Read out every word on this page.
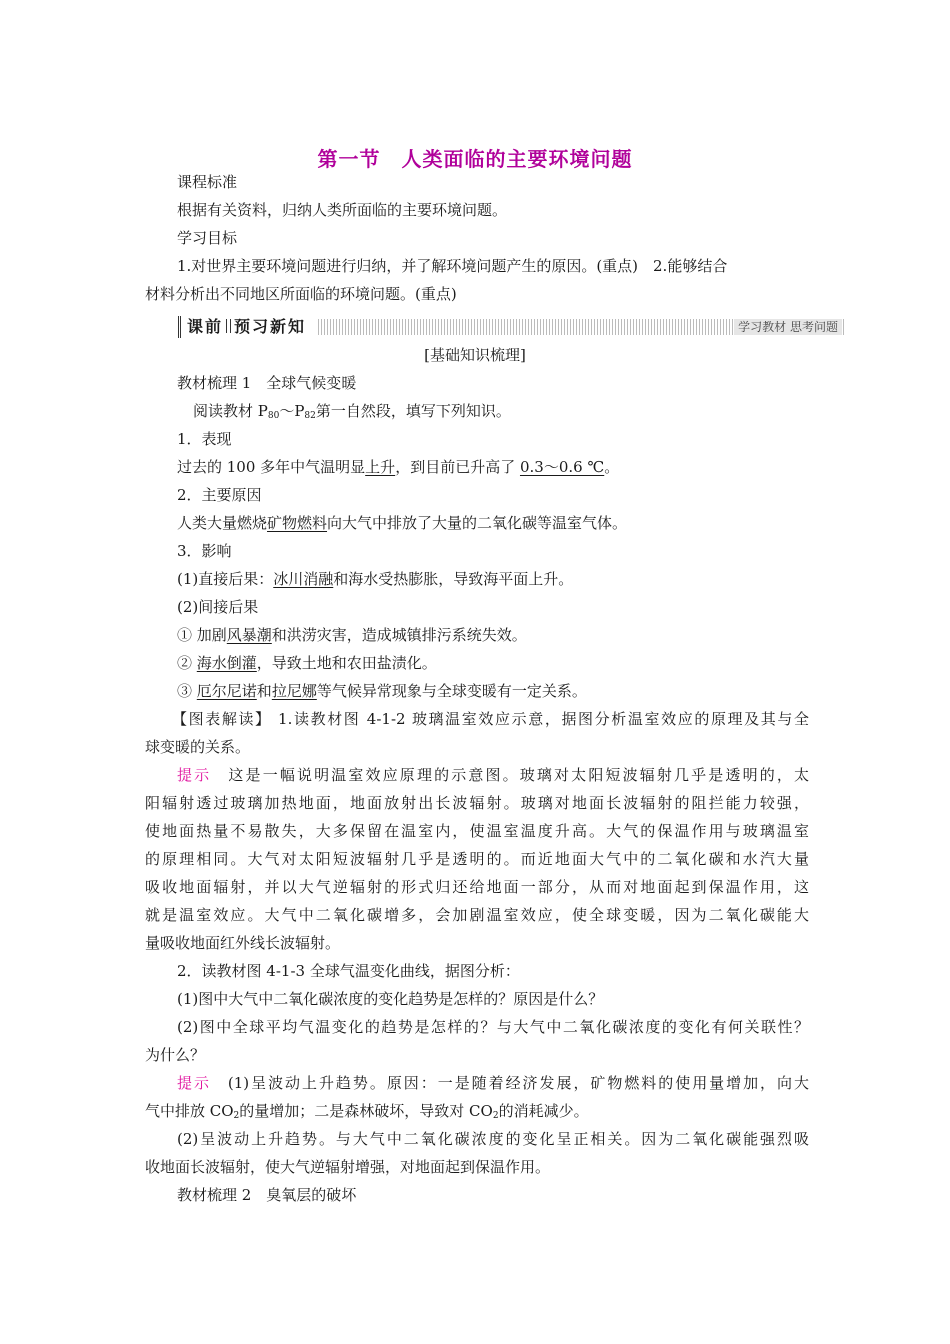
第一节　人类面临的主要环境问题
课程标准
根据有关资料，归纳人类所面临的主要环境问题。
学习目标
1.对世界主要环境问题进行归纳，并了解环境问题产生的原因。(重点)　2.能够结合
材料分析出不同地区所面临的环境问题。(重点)
课前 预习新知	学习教材 思考问题
[基础知识梳理]
教材梳理 1　全球气候变暖
阅读教材 $P_{80}\sim P_{82}$第一自然段，填写下列知识。
1．表现
过去的 100 多年中气温明显上升，到目前已升高了 0.3～0.6 ℃。
2．主要原因
人类大量燃烧矿物燃料向大气中排放了大量的二氧化碳等温室气体。
3．影响
(1)直接后果：冰川消融和海水受热膨胀，导致海平面上升。
(2)间接后果
① 加剧风暴潮和洪涝灾害，造成城镇排污系统失效。
② 海水倒灌，导致土地和农田盐渍化。
③ 厄尔尼诺和拉尼娜等气候异常现象与全球变暖有一定关系。
【图表解读】 1.读教材图 4-1-2 玻璃温室效应示意，据图分析温室效应的原理及其与全
球变暖的关系。
提示　这是一幅说明温室效应原理的示意图。玻璃对太阳短波辐射几乎是透明的，太
阳辐射透过玻璃加热地面，地面放射出长波辐射。玻璃对地面长波辐射的阻拦能力较强，
使地面热量不易散失，大多保留在温室内，使温室温度升高。大气的保温作用与玻璃温室
的原理相同。大气对太阳短波辐射几乎是透明的。而近地面大气中的二氧化碳和水汽大量
吸收地面辐射，并以大气逆辐射的形式归还给地面一部分，从而对地面起到保温作用，这
就是温室效应。大气中二氧化碳增多，会加剧温室效应，使全球变暖，因为二氧化碳能大
量吸收地面红外线长波辐射。
2．读教材图 4-1-3 全球气温变化曲线，据图分析：
(1)图中大气中二氧化碳浓度的变化趋势是怎样的？原因是什么？
(2)图中全球平均气温变化的趋势是怎样的？与大气中二氧化碳浓度的变化有何关联性？
为什么？
提示　(1)呈波动上升趋势。原因：一是随着经济发展，矿物燃料的使用量增加，向大
气中排放 $CO_2$的量增加；二是森林破坏，导致对 $CO_2$的消耗减少。
(2)呈波动上升趋势。与大气中二氧化碳浓度的变化呈正相关。因为二氧化碳能强烈吸
收地面长波辐射，使大气逆辐射增强，对地面起到保温作用。
教材梳理 2　臭氧层的破坏
